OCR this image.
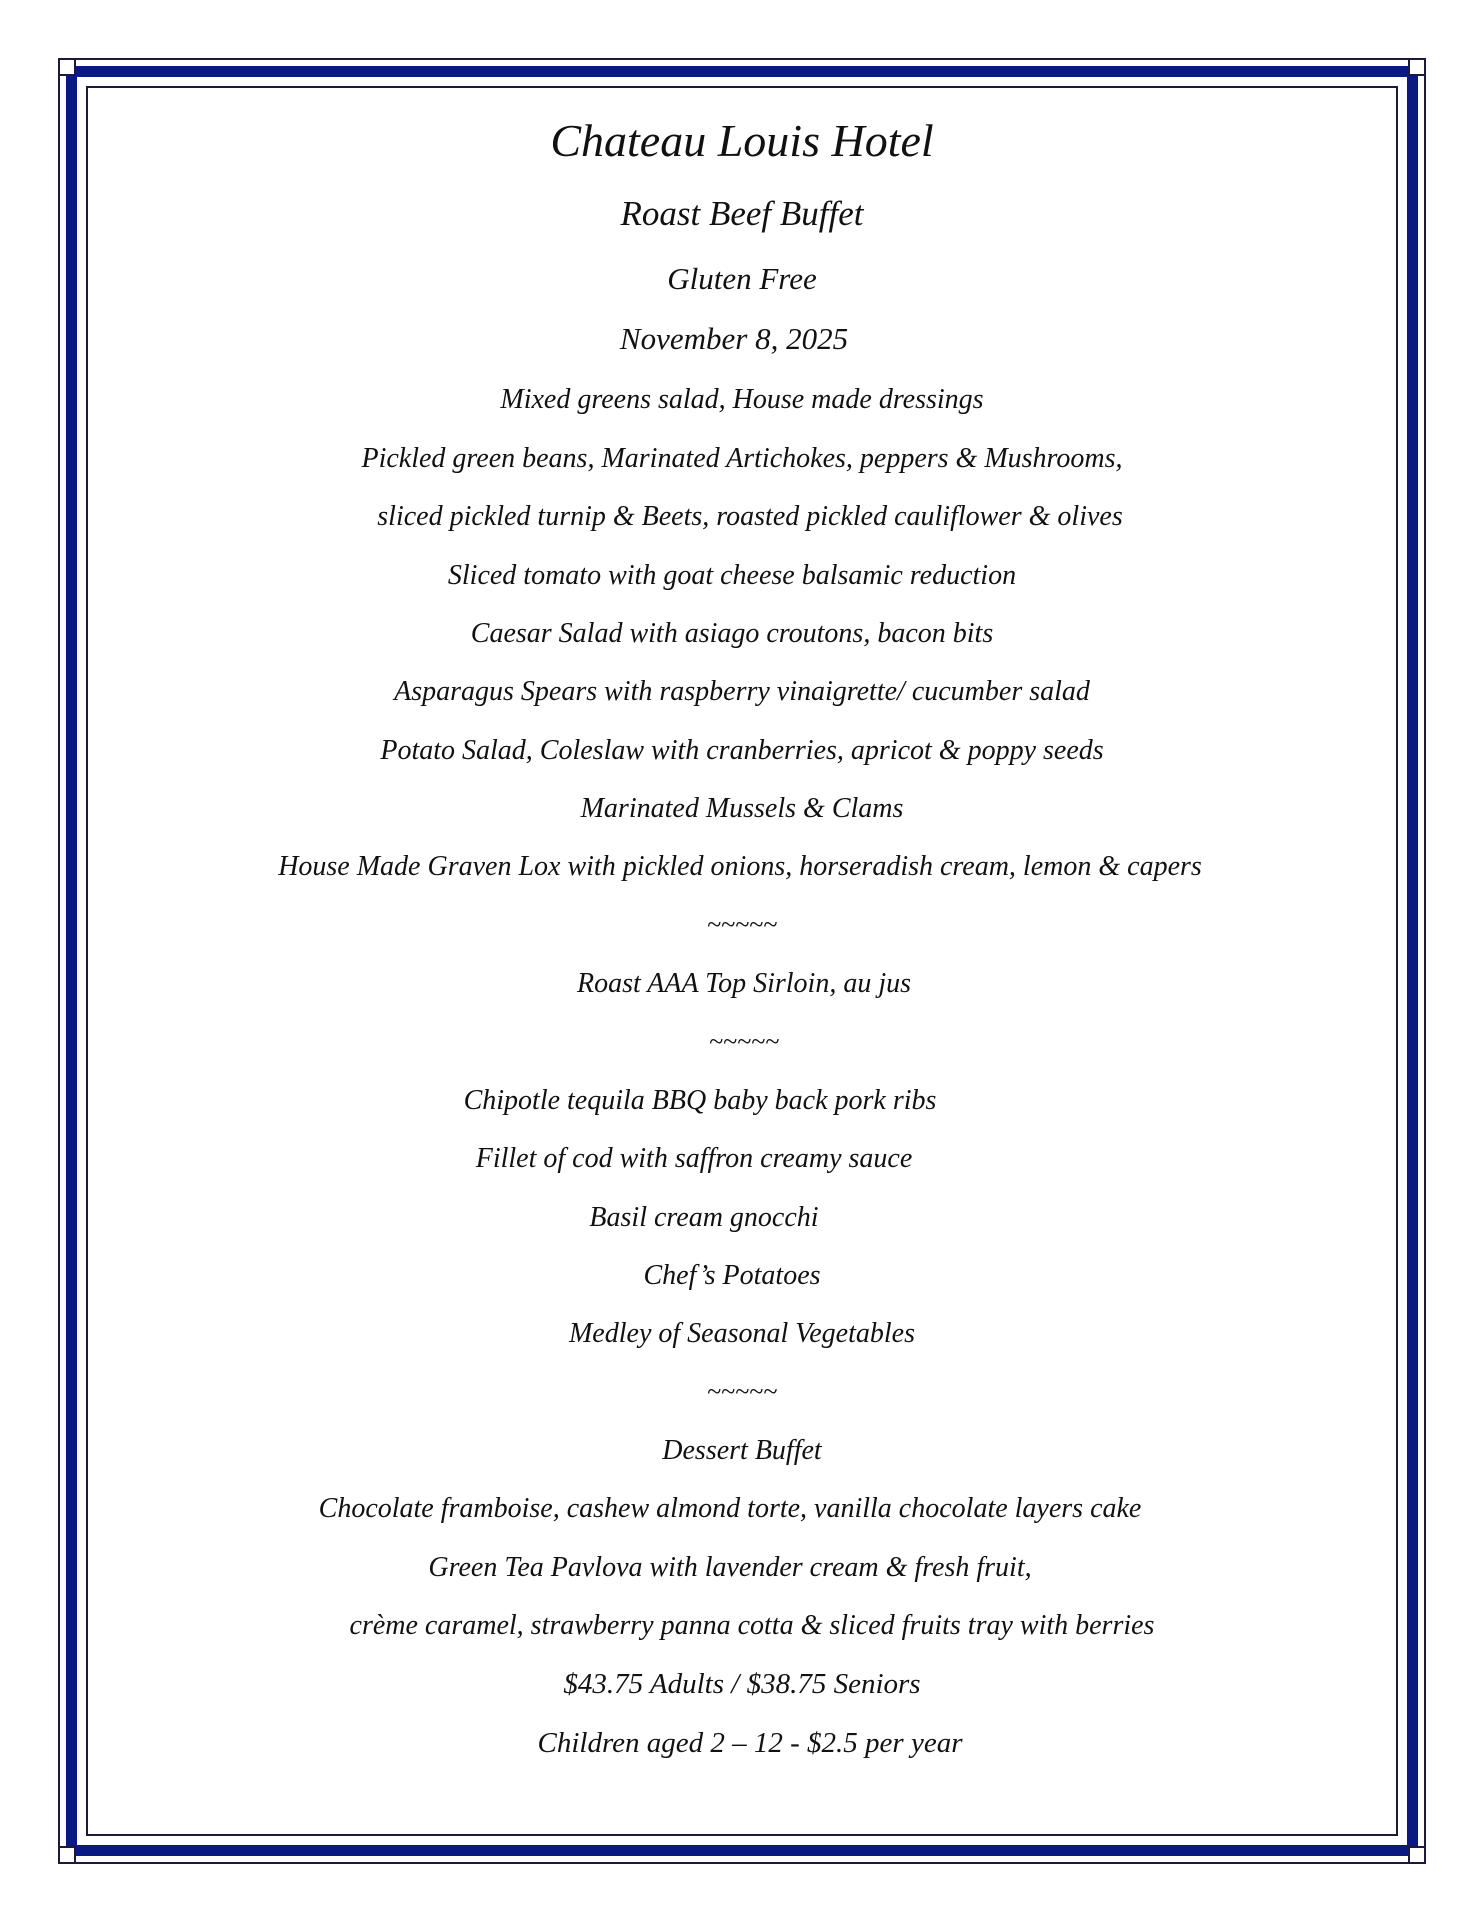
Chateau Louis Hotel
Roast Beef Buffet
Gluten Free
November 8, 2025
Mixed greens salad, House made dressings
Pickled green beans, Marinated Artichokes, peppers & Mushrooms,
sliced pickled turnip & Beets, roasted pickled cauliflower & olives
Sliced tomato with goat cheese balsamic reduction
Caesar Salad with asiago croutons, bacon bits
Asparagus Spears with raspberry vinaigrette/ cucumber salad
Potato Salad, Coleslaw with cranberries, apricot & poppy seeds
Marinated Mussels & Clams
House Made Graven Lox with pickled onions, horseradish cream, lemon & capers
~~~~~
Roast AAA Top Sirloin, au jus
~~~~~
Chipotle tequila BBQ baby back pork ribs
Fillet of cod with saffron creamy sauce
Basil cream gnocchi
Chef’s Potatoes
Medley of Seasonal Vegetables
~~~~~
Dessert Buffet
Chocolate framboise, cashew almond torte, vanilla chocolate layers cake
Green Tea Pavlova with lavender cream & fresh fruit,
crème caramel, strawberry panna cotta & sliced fruits tray with berries
$43.75 Adults / $38.75 Seniors
Children aged 2 – 12 - $2.5 per year
